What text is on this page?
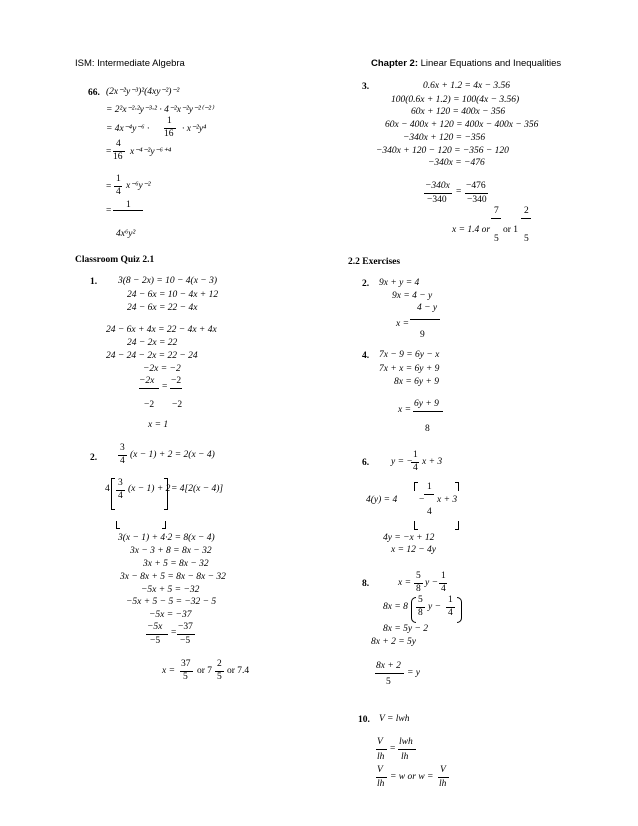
ISM: Intermediate Algebra	Chapter 2: Linear Equations and Inequalities
66. (2x⁻²y⁻³)²(4xy⁻²)⁻²
= 2²x⁻²·²y⁻³·² · 4⁻²x⁻²y⁻²⁽⁻²⁾
= 4x⁻⁴y⁻⁶ ·
1
16 · x⁻²y⁴
=
4
16 x⁻⁴⁻²y⁻⁶⁺⁴
=
1
4
x⁻⁶y⁻²
=
1
4x⁶y²
Classroom Quiz 2.1
1. 3(8 − 2x) = 10 − 4(x − 3)
24 − 6x = 10 − 4x + 12
24 − 6x = 22 − 4x
24 − 6x + 4x = 22 − 4x + 4x
24 − 2x = 22
24 − 24 − 2x = 22 − 24
−2x = −2
−2x
=
−2
−2 −2
x = 1
2.
3
4
(x − 1) + 2 = 2(x − 4)
4
3
4
(x − 1) + 2 = 4[2(x − 4)]
3(x − 1) + 4·2 = 8(x − 4)
3x − 3 + 8 = 8x − 32
3x + 5 = 8x − 32
3x − 8x + 5 = 8x − 8x − 32
−5x + 5 = −32
−5x + 5 − 5 = −32 − 5
−5x = −37
−5x
=
−37
−5 −5
x =
37
5
or 7
2
5
or 7.4
3.	0.6x + 1.2 = 4x − 3.56
100(0.6x + 1.2) = 100(4x − 3.56)
60x + 120 = 400x − 356
60x − 400x + 120 = 400x − 400x − 356
−340x + 120 = −356
−340x + 120 − 120 = −356 − 120
−340x = −476
−340x
=
−476
−340 −340
7	2
x = 1.4 or or 1
5	5
2.2 Exercises
2. 9x + y = 4
9x = 4 − y
4 − y
x =
9
4. 7x − 9 = 6y − x
7x + x = 6y + 9
8x = 6y + 9
x =
6y + 9
8
6. y = −
1
4
x + 3
1
4(y) = 4 − x + 3
4
4y = −x + 12
x = 12 − 4y
8.	x =
5
8
y −
1
4
8x = 8
5
8
y −
1
4
8x = 5y − 2
8x + 2 = 5y
8x + 2
5
= y
10. V = lwh
V
lh
=
lwh
lh
V
lh
= w or w =
V
lh
